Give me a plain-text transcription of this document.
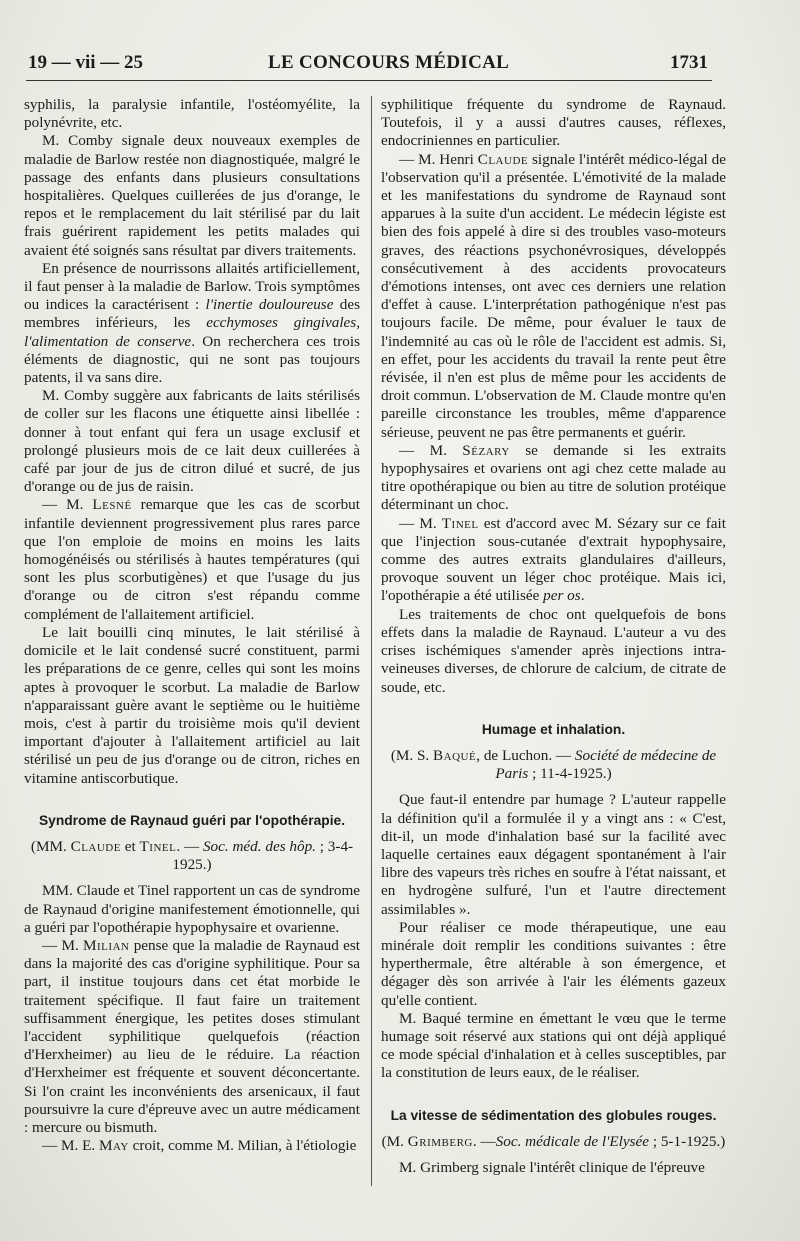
19 — vii — 25	LE CONCOURS MÉDICAL	1731

syphilis, la paralysie infantile, l'ostéomyélite, la polynévrite, etc.

M. Comby signale deux nouveaux exemples de maladie de Barlow restée non diagnostiquée, malgré le passage des enfants dans plusieurs consultations hospitalières. Quelques cuillerées de jus d'orange, le repos et le remplacement du lait stérilisé par du lait frais guérirent rapidement les petits malades qui avaient été soignés sans résultat par divers traitements.

En présence de nourrissons allaités artificiellement, il faut penser à la maladie de Barlow. Trois symptômes ou indices la caractérisent : l'inertie douloureuse des membres inférieurs, les ecchymoses gingivales, l'alimentation de conserve. On recherchera ces trois éléments de diagnostic, qui ne sont pas toujours patents, il va sans dire.

M. Comby suggère aux fabricants de laits stérilisés de coller sur les flacons une étiquette ainsi libellée : donner à tout enfant qui fera un usage exclusif et prolongé plusieurs mois de ce lait deux cuillerées à café par jour de jus de citron dilué et sucré, de jus d'orange ou de jus de raisin.

— M. Lesné remarque que les cas de scorbut infantile deviennent progressivement plus rares parce que l'on emploie de moins en moins les laits homogénéisés ou stérilisés à hautes températures (qui sont les plus scorbutigènes) et que l'usage du jus d'orange ou de citron s'est répandu comme complément de l'allaitement artificiel.

Le lait bouilli cinq minutes, le lait stérilisé à domicile et le lait condensé sucré constituent, parmi les préparations de ce genre, celles qui sont les moins aptes à provoquer le scorbut. La maladie de Barlow n'apparaissant guère avant le septième ou le huitième mois, c'est à partir du troisième mois qu'il devient important d'ajouter à l'allaitement artificiel au lait stérilisé un peu de jus d'orange ou de citron, riches en vitamine antiscorbutique.

Syndrome de Raynaud guéri par l'opothérapie.

(MM. Claude et Tinel. — Soc. méd. des hôp. ; 3-4-1925.)

MM. Claude et Tinel rapportent un cas de syndrome de Raynaud d'origine manifestement émotionnelle, qui a guéri par l'opothérapie hypophysaire et ovarienne.

— M. Milian pense que la maladie de Raynaud est dans la majorité des cas d'origine syphilitique. Pour sa part, il institue toujours dans cet état morbide le traitement spécifique. Il faut faire un traitement suffisamment énergique, les petites doses stimulant l'accident syphilitique quelquefois (réaction d'Herxheimer) au lieu de le réduire. La réaction d'Herxheimer est fréquente et souvent déconcertante. Si l'on craint les inconvénients des arsenicaux, il faut poursuivre la cure d'épreuve avec un autre médicament : mercure ou bismuth.

— M. E. May croit, comme M. Milian, à l'étiologie

syphilitique fréquente du syndrome de Raynaud. Toutefois, il y a aussi d'autres causes, réflexes, endocriniennes en particulier.

— M. Henri Claude signale l'intérêt médico-légal de l'observation qu'il a présentée. L'émotivité de la malade et les manifestations du syndrome de Raynaud sont apparues à la suite d'un accident. Le médecin légiste est bien des fois appelé à dire si des troubles vaso-moteurs graves, des réactions psychonévrosiques, développés consécutivement à des accidents provocateurs d'émotions intenses, ont avec ces derniers une relation d'effet à cause. L'interprétation pathogénique n'est pas toujours facile. De même, pour évaluer le taux de l'indemnité au cas où le rôle de l'accident est admis. Si, en effet, pour les accidents du travail la rente peut être révisée, il n'en est plus de même pour les accidents de droit commun. L'observation de M. Claude montre qu'en pareille circonstance les troubles, même d'apparence sérieuse, peuvent ne pas être permanents et guérir.

— M. Sézary se demande si les extraits hypophysaires et ovariens ont agi chez cette malade au titre opothérapique ou bien au titre de solution protéique déterminant un choc.

— M. Tinel est d'accord avec M. Sézary sur ce fait que l'injection sous-cutanée d'extrait hypophysaire, comme des autres extraits glandulaires d'ailleurs, provoque souvent un léger choc protéique. Mais ici, l'opothérapie a été utilisée per os.

Les traitements de choc ont quelquefois de bons effets dans la maladie de Raynaud. L'auteur a vu des crises ischémiques s'amender après injections intra-veineuses diverses, de chlorure de calcium, de citrate de soude, etc.

Humage et inhalation.

(M. S. Baqué, de Luchon. — Société de médecine de Paris ; 11-4-1925.)

Que faut-il entendre par humage ? L'auteur rappelle la définition qu'il a formulée il y a vingt ans : « C'est, dit-il, un mode d'inhalation basé sur la facilité avec laquelle certaines eaux dégagent spontanément à l'air libre des vapeurs très riches en soufre à l'état naissant, et en hydrogène sulfuré, l'un et l'autre directement assimilables ».

Pour réaliser ce mode thérapeutique, une eau minérale doit remplir les conditions suivantes : être hyperthermale, être altérable à son émergence, et dégager dès son arrivée à l'air les éléments gazeux qu'elle contient.

M. Baqué termine en émettant le vœu que le terme humage soit réservé aux stations qui ont déjà appliqué ce mode spécial d'inhalation et à celles susceptibles, par la constitution de leurs eaux, de le réaliser.

La vitesse de sédimentation des globules rouges.

(M. Grimberg. —Soc. médicale de l'Elysée ; 5-1-1925.)

M. Grimberg signale l'intérêt clinique de l'épreuve
